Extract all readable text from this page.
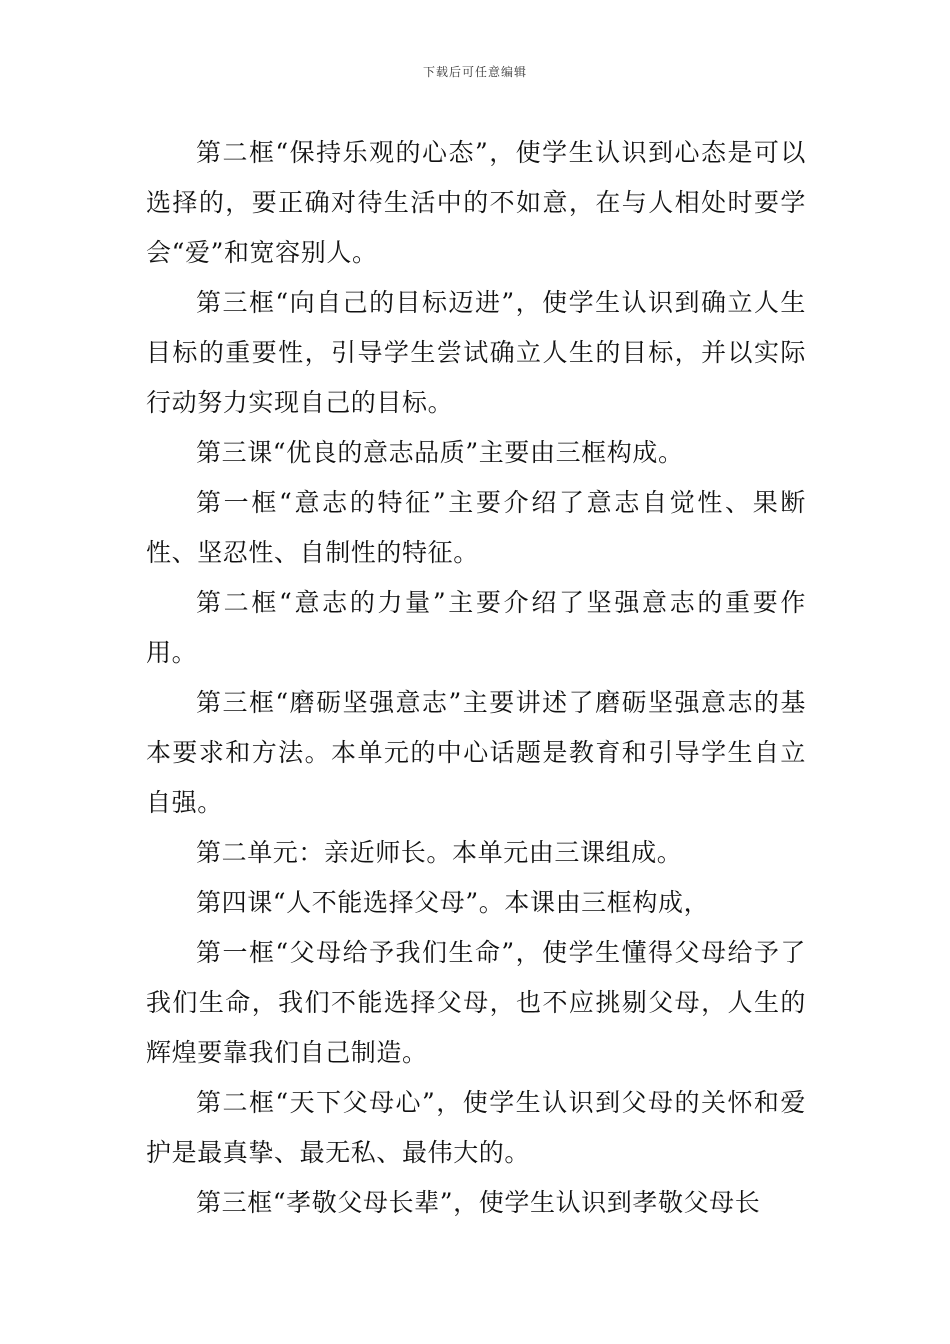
下载后可任意编辑

第二框“保持乐观的心态”，使学生认识到心态是可以选择的，要正确对待生活中的不如意，在与人相处时要学会“爱”和宽容别人。

第三框“向自己的目标迈进”，使学生认识到确立人生目标的重要性，引导学生尝试确立人生的目标，并以实际行动努力实现自己的目标。

第三课“优良的意志品质”主要由三框构成。

第一框“意志的特征”主要介绍了意志自觉性、果断性、坚忍性、自制性的特征。

第二框“意志的力量”主要介绍了坚强意志的重要作用。

第三框“磨砺坚强意志”主要讲述了磨砺坚强意志的基本要求和方法。本单元的中心话题是教育和引导学生自立自强。

第二单元：亲近师长。本单元由三课组成。

第四课“人不能选择父母”。本课由三框构成，

第一框“父母给予我们生命”，使学生懂得父母给予了我们生命，我们不能选择父母，也不应挑剔父母，人生的辉煌要靠我们自己制造。

第二框“天下父母心”，使学生认识到父母的关怀和爱护是最真挚、最无私、最伟大的。

第三框“孝敬父母长辈”，使学生认识到孝敬父母长
